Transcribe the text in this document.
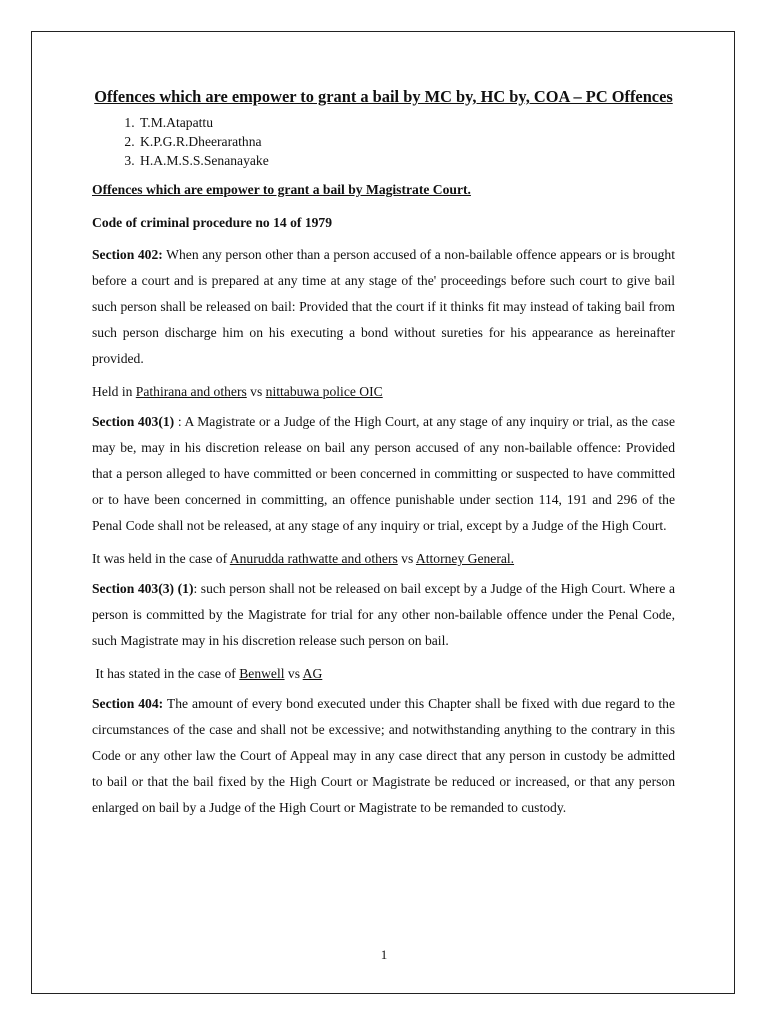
Offences which are empower to grant a bail by MC by, HC by, COA – PC Offences
1. T.M.Atapattu
2. K.P.G.R.Dheerarathna
3. H.A.M.S.S.Senanayake

Offences which are empower to grant a bail by Magistrate Court.

Code of criminal procedure no 14 of 1979

Section 402: When any person other than a person accused of a non-bailable offence appears or is brought before a court and is prepared at any time at any stage of the' proceedings before such court to give bail such person shall be released on bail: Provided that the court if it thinks fit may instead of taking bail from such person discharge him on his executing a bond without sureties for his appearance as hereinafter provided.

Held in Pathirana and others vs nittabuwa police OIC

Section 403(1) : A Magistrate or a Judge of the High Court, at any stage of any inquiry or trial, as the case may be, may in his discretion release on bail any person accused of any non-bailable offence: Provided that a person alleged to have committed or been concerned in committing or suspected to have committed or to have been concerned in committing, an offence punishable under section 114, 191 and 296 of the Penal Code shall not be released, at any stage of any inquiry or trial, except by a Judge of the High Court.

It was held in the case of Anurudda rathwatte and others vs Attorney General.

Section 403(3) (1): such person shall not be released on bail except by a Judge of the High Court. Where a person is committed by the Magistrate for trial for any other non-bailable offence under the Penal Code, such Magistrate may in his discretion release such person on bail.

It has stated in the case of Benwell vs AG

Section 404: The amount of every bond executed under this Chapter shall be fixed with due regard to the circumstances of the case and shall not be excessive; and notwithstanding anything to the contrary in this Code or any other law the Court of Appeal may in any case direct that any person in custody be admitted to bail or that the bail fixed by the High Court or Magistrate be reduced or increased, or that any person enlarged on bail by a Judge of the High Court or Magistrate to be remanded to custody.

1
